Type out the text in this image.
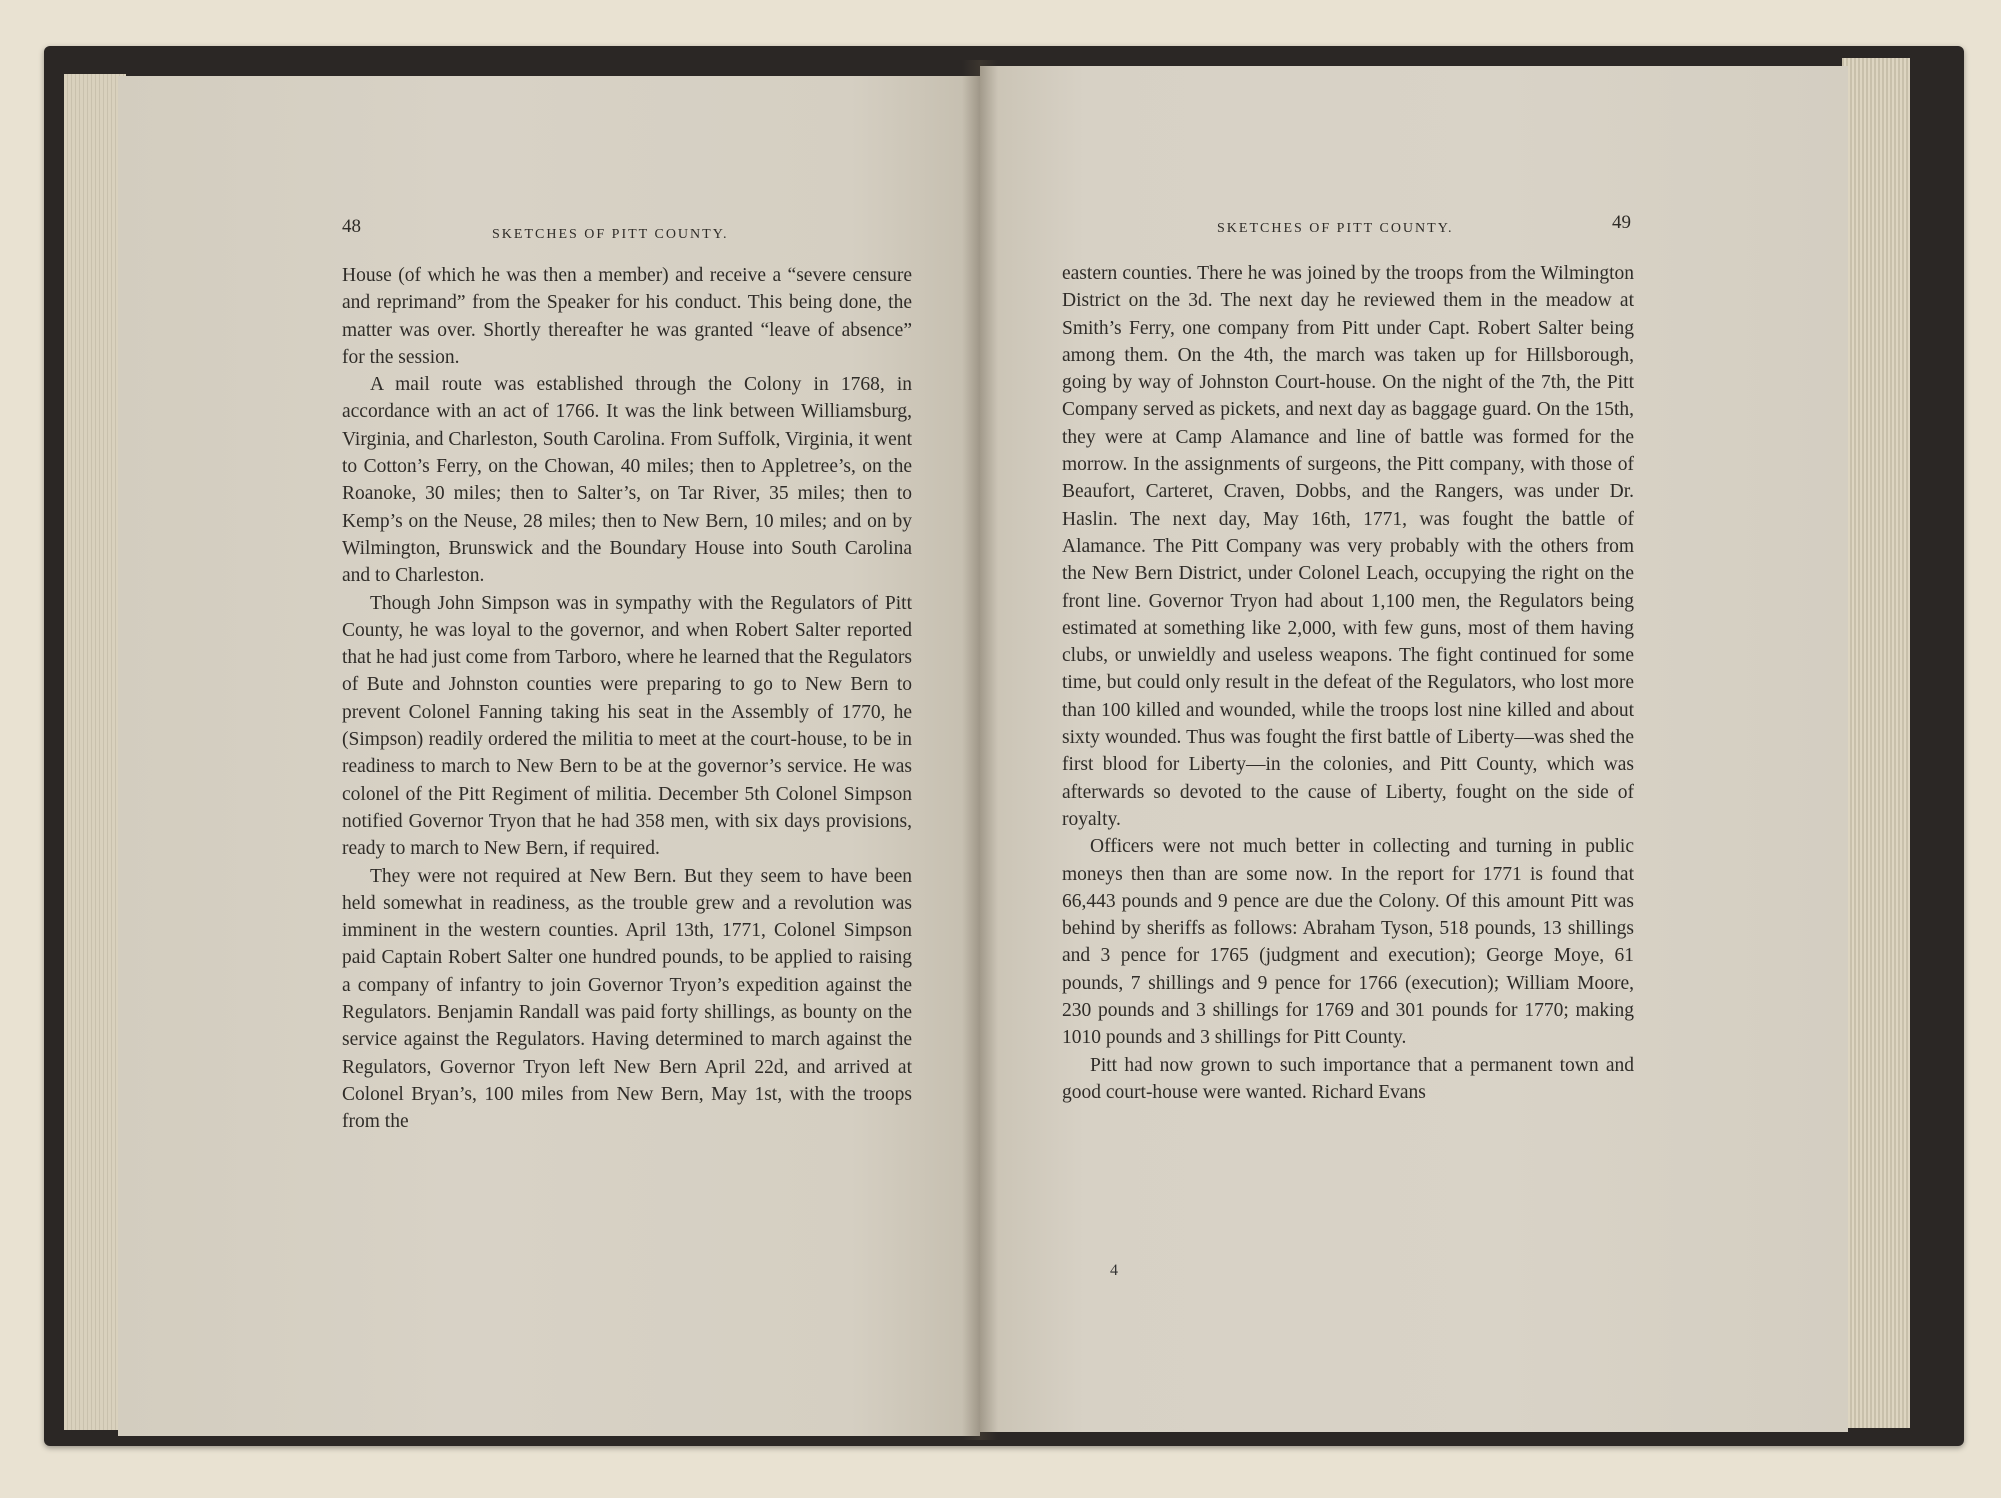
48	SKETCHES OF PITT COUNTY.	SKETCHES OF PITT COUNTY.	49

House (of which he was then a member) and receive a “severe censure and reprimand” from the Speaker for his conduct. This being done, the matter was over. Shortly thereafter he was granted “leave of absence” for the session.

A mail route was established through the Colony in 1768, in accordance with an act of 1766. It was the link between Williamsburg, Virginia, and Charleston, South Carolina. From Suffolk, Virginia, it went to Cotton’s Ferry, on the Chowan, 40 miles; then to Appletree’s, on the Roanoke, 30 miles; then to Salter’s, on Tar River, 35 miles; then to Kemp’s on the Neuse, 28 miles; then to New Bern, 10 miles; and on by Wilmington, Brunswick and the Boundary House into South Carolina and to Charleston.

Though John Simpson was in sympathy with the Regulators of Pitt County, he was loyal to the governor, and when Robert Salter reported that he had just come from Tarboro, where he learned that the Regulators of Bute and Johnston counties were preparing to go to New Bern to prevent Colonel Fanning taking his seat in the Assembly of 1770, he (Simpson) readily ordered the militia to meet at the court-house, to be in readiness to march to New Bern to be at the governor’s service. He was colonel of the Pitt Regiment of militia. December 5th Colonel Simpson notified Governor Tryon that he had 358 men, with six days provisions, ready to march to New Bern, if required.

They were not required at New Bern. But they seem to have been held somewhat in readiness, as the trouble grew and a revolution was imminent in the western counties. April 13th, 1771, Colonel Simpson paid Captain Robert Salter one hundred pounds, to be applied to raising a company of infantry to join Governor Tryon’s expedition against the Regulators. Benjamin Randall was paid forty shillings, as bounty on the service against the Regulators. Having determined to march against the Regulators, Governor Tryon left New Bern April 22d, and arrived at Colonel Bryan’s, 100 miles from New Bern, May 1st, with the troops from the

eastern counties. There he was joined by the troops from the Wilmington District on the 3d. The next day he reviewed them in the meadow at Smith’s Ferry, one company from Pitt under Capt. Robert Salter being among them. On the 4th, the march was taken up for Hillsborough, going by way of Johnston Court-house. On the night of the 7th, the Pitt Company served as pickets, and next day as baggage guard. On the 15th, they were at Camp Alamance and line of battle was formed for the morrow. In the assignments of surgeons, the Pitt company, with those of Beaufort, Carteret, Craven, Dobbs, and the Rangers, was under Dr. Haslin. The next day, May 16th, 1771, was fought the battle of Alamance. The Pitt Company was very probably with the others from the New Bern District, under Colonel Leach, occupying the right on the front line. Governor Tryon had about 1,100 men, the Regulators being estimated at something like 2,000, with few guns, most of them having clubs, or unwieldly and useless weapons. The fight continued for some time, but could only result in the defeat of the Regulators, who lost more than 100 killed and wounded, while the troops lost nine killed and about sixty wounded. Thus was fought the first battle of Liberty—was shed the first blood for Liberty—in the colonies, and Pitt County, which was afterwards so devoted to the cause of Liberty, fought on the side of royalty.

Officers were not much better in collecting and turning in public moneys then than are some now. In the report for 1771 is found that 66,443 pounds and 9 pence are due the Colony. Of this amount Pitt was behind by sheriffs as follows: Abraham Tyson, 518 pounds, 13 shillings and 3 pence for 1765 (judgment and execution); George Moye, 61 pounds, 7 shillings and 9 pence for 1766 (execution); William Moore, 230 pounds and 3 shillings for 1769 and 301 pounds for 1770; making 1010 pounds and 3 shillings for Pitt County.

Pitt had now grown to such importance that a permanent town and good court-house were wanted. Richard Evans

4
